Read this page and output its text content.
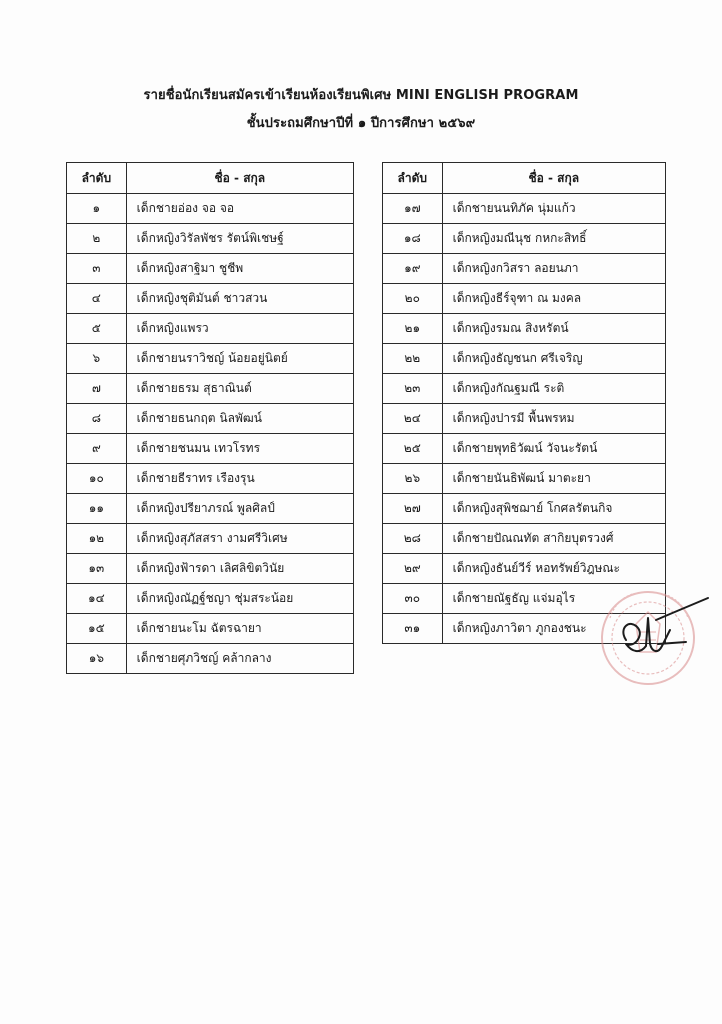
รายชื่อนักเรียนสมัครเข้าเรียนห้องเรียนพิเศษ MINI ENGLISH PROGRAM
ชั้นประถมศึกษาปีที่ ๑ ปีการศึกษา ๒๕๖๙
ลำดับ	ชื่อ - สกุล
๑	เด็กชายอ่อง จอ จอ
๒	เด็กหญิงวิรัลพัชร รัตน์พิเชษฐ์
๓	เด็กหญิงสาฐิมา ชูชีพ
๔	เด็กหญิงชุติมันต์ ชาวสวน
๕	เด็กหญิงแพรว
๖	เด็กชายนราวิชญ์ น้อยอยู่นิตย์
๗	เด็กชายธรม สุธาณินต์
๘	เด็กชายธนกฤต นิลพัฒน์
๙	เด็กชายชนมน เทวโรทร
๑๐	เด็กชายธีราทร เรืองรุน
๑๑	เด็กหญิงปรียาภรณ์ พูลศิลป์
๑๒	เด็กหญิงสุภัสสรา งามศรีวิเศษ
๑๓	เด็กหญิงฟ้ารดา เลิศลิขิตวินัย
๑๔	เด็กหญิงณัฏฐ์ชญา ชุ่มสระน้อย
๑๕	เด็กชายนะโม ฉัตรฉายา
๑๖	เด็กชายศุภวิชญ์ คล้ากลาง
ลำดับ	ชื่อ - สกุล
๑๗	เด็กชายนนทิภัค นุ่มแก้ว
๑๘	เด็กหญิงมณีนุช กหกะสิทธิ์
๑๙	เด็กหญิงกวิสรา ลอยนภา
๒๐	เด็กหญิงธีร์จุฑา ณ มงคล
๒๑	เด็กหญิงรมณ สิงหรัตน์
๒๒	เด็กหญิงธัญชนก ศรีเจริญ
๒๓	เด็กหญิงกัณฐมณี ระติ
๒๔	เด็กหญิงปารมี พื้นพรหม
๒๕	เด็กชายพุทธิวัฒน์ วัจนะรัตน์
๒๖	เด็กชายนันธิพัฒน์ มาตะยา
๒๗	เด็กหญิงสุพิชฌาย์ โกศลรัตนกิจ
๒๘	เด็กชายปัณณทัต สากิยบุตรวงศ์
๒๙	เด็กหญิงธันย์วีร์ หอทรัพย์วิฎษณะ
๓๐	เด็กชายณัฐธัญ แจ่มอุไร
๓๑	เด็กหญิงภาวิตา ภูกองชนะ
